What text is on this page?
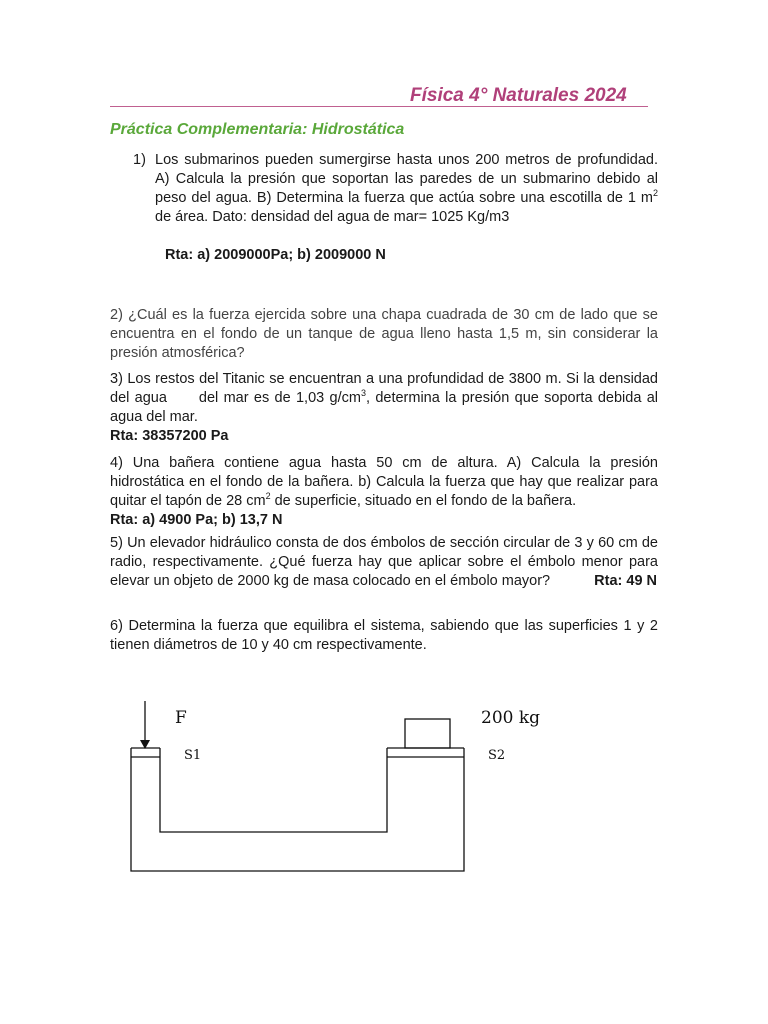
Física 4° Naturales 2024
Práctica Complementaria: Hidrostática
1) Los submarinos pueden sumergirse hasta unos 200 metros de profundidad. A) Calcula la presión que soportan las paredes de un submarino debido al peso del agua. B) Determina la fuerza que actúa sobre una escotilla de 1 $m^2$ de área. Dato: densidad del agua de mar= 1025 Kg/m3
Rta: a) 2009000Pa; b) 2009000 N
2) ¿Cuál es la fuerza ejercida sobre una chapa cuadrada de 30 cm de lado que se encuentra en el fondo de un tanque de agua lleno hasta 1,5 m, sin considerar la presión atmosférica?
3) Los restos del Titanic se encuentran a una profundidad de 3800 m. Si la densidad del agua      del mar es de 1,03 $g/cm^3$, determina la presión que soporta debida al agua del mar.
Rta: 38357200 Pa
4) Una bañera contiene agua hasta 50 cm de altura. A) Calcula la presión hidrostática en el fondo de la bañera. b) Calcula la fuerza que hay que realizar para quitar el tapón de 28 $cm^2$ de superficie, situado en el fondo de la bañera.
Rta: a) 4900 Pa; b) 13,7 N
5) Un elevador hidráulico consta de dos émbolos de sección circular de 3 y 60 cm de radio, respectivamente. ¿Qué fuerza hay que aplicar sobre el émbolo menor para elevar un objeto de 2000 kg de masa colocado en el émbolo mayor?	Rta: 49 N
6) Determina la fuerza que equilibra el sistema, sabiendo que las superficies 1 y 2 tienen diámetros de 10 y 40 cm respectivamente.
F	200 kg
S1	S2
